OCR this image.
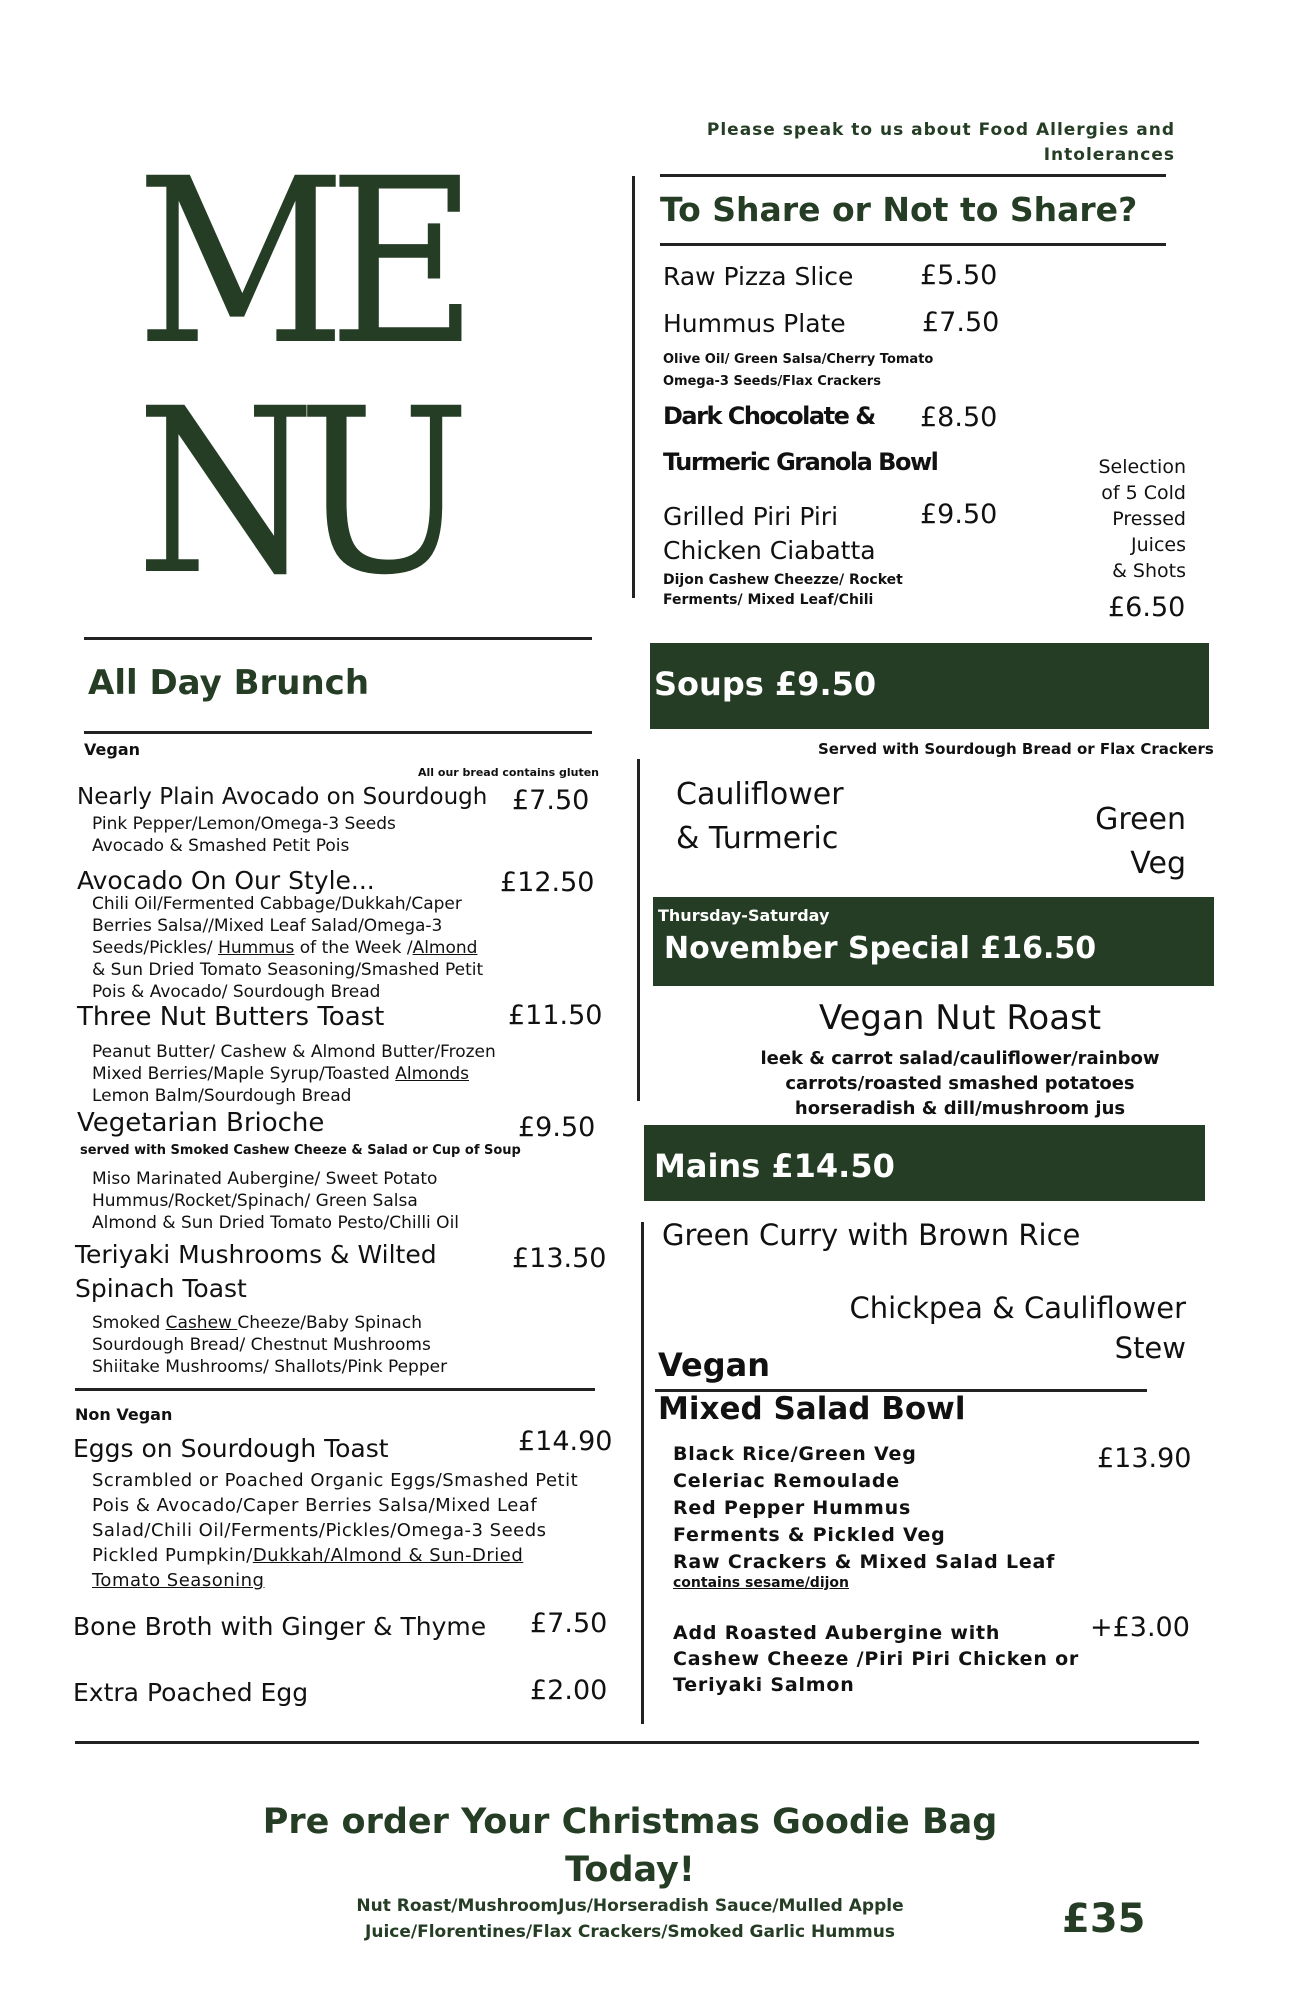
Please speak to us about Food Allergies and Intolerances
ME
NU
To Share or Not to Share?
Raw Pizza Slice £5.50
Hummus Plate	£7.50
Olive Oil/ Green Salsa/Cherry Tomato
Omega-3 Seeds/Flax Crackers
Dark Chocolate &
Turmeric Granola Bowl
£8.50
Grilled Piri Piri
Chicken Ciabatta
£9.50
Dijon Cashew Cheezze/ Rocket
Ferments/ Mixed Leaf/Chili
Selection
of 5 Cold
Pressed
Juices
& Shots
£6.50
All Day Brunch
Vegan
All our bread contains gluten
Nearly Plain Avocado on Sourdough £7.50
Pink Pepper/Lemon/Omega-3 Seeds
Avocado & Smashed Petit Pois
Avocado On Our Style...	£12.50
Chili Oil/Fermented Cabbage/Dukkah/Caper
Berries Salsa//Mixed Leaf Salad/Omega-3
Seeds/Pickles/ Hummus of the Week /Almond
& Sun Dried Tomato Seasoning/Smashed Petit
Pois & Avocado/ Sourdough Bread
Three Nut Butters Toast	£11.50
Peanut Butter/ Cashew & Almond Butter/Frozen
Mixed Berries/Maple Syrup/Toasted Almonds
Lemon Balm/Sourdough Bread
Vegetarian Brioche	£9.50
served with Smoked Cashew Cheeze & Salad or Cup of Soup
Miso Marinated Aubergine/ Sweet Potato
Hummus/Rocket/Spinach/ Green Salsa
Almond & Sun Dried Tomato Pesto/Chilli Oil
Teriyaki Mushrooms & Wilted
Spinach Toast
£13.50
Smoked Cashew Cheeze/Baby Spinach
Sourdough Bread/ Chestnut Mushrooms
Shiitake Mushrooms/ Shallots/Pink Pepper
Non Vegan
Eggs on Sourdough Toast	£14.90
Scrambled or Poached Organic Eggs/Smashed Petit
Pois & Avocado/Caper Berries Salsa/Mixed Leaf
Salad/Chili Oil/Ferments/Pickles/Omega-3 Seeds
Pickled Pumpkin/Dukkah/Almond & Sun-Dried
Tomato Seasoning
Bone Broth with Ginger & Thyme £7.50
Extra Poached Egg	£2.00
Soups £9.50
Served with Sourdough Bread or Flax Crackers
Cauliflower
& Turmeric
Green
Veg
Thursday-Saturday
November Special £16.50
Vegan Nut Roast
leek & carrot salad/cauliflower/rainbow
carrots/roasted smashed potatoes
horseradish & dill/mushroom jus
Mains £14.50
Green Curry with Brown Rice
Chickpea & Cauliflower
Stew
Vegan
Mixed Salad Bowl
£13.90
Black Rice/Green Veg
Celeriac Remoulade
Red Pepper Hummus
Ferments & Pickled Veg
Raw Crackers & Mixed Salad Leaf
contains sesame/dijon
Add Roasted Aubergine with
Cashew Cheeze /Piri Piri Chicken or
Teriyaki Salmon
+£3.00
Pre order Your Christmas Goodie Bag
Today!
Nut Roast/MushroomJus/Horseradish Sauce/Mulled Apple
Juice/Florentines/Flax Crackers/Smoked Garlic Hummus	£35
